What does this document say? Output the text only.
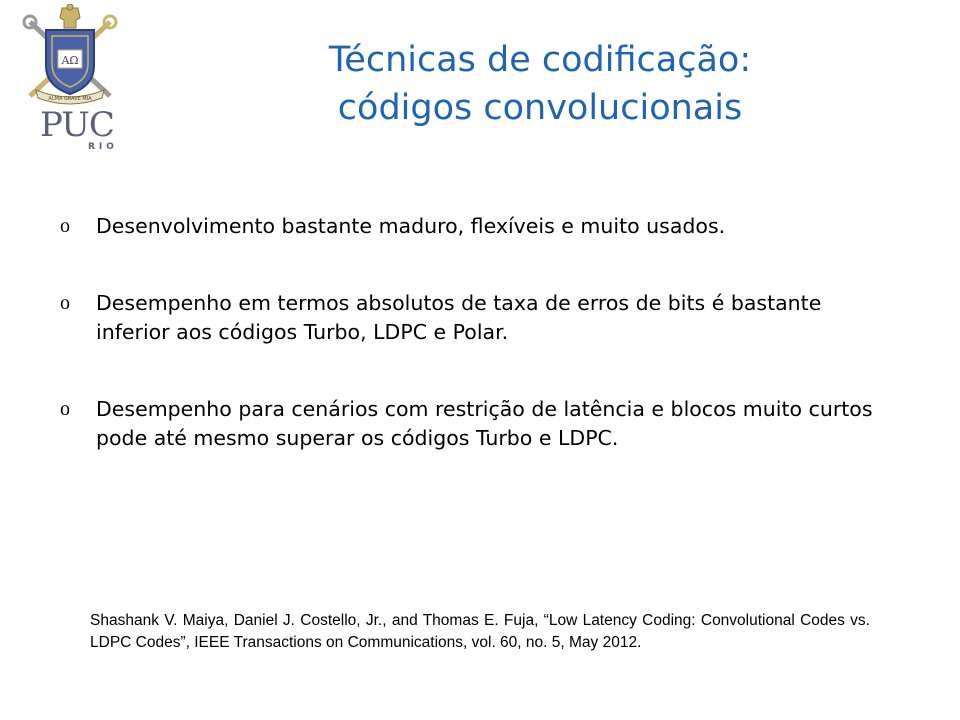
ΑΩ
ALMA GRAVE MIA
PUC
RIO
Técnicas de codificação:
códigos convolucionais
o Desenvolvimento bastante maduro, flexíveis e muito usados.
o Desempenho em termos absolutos de taxa de erros de bits é bastante inferior aos códigos Turbo, LDPC e Polar.
o Desempenho para cenários com restrição de latência e blocos muito curtos pode até mesmo superar os códigos Turbo e LDPC.
Shashank V. Maiya, Daniel J. Costello, Jr., and Thomas E. Fuja, “Low Latency Coding: Convolutional Codes vs. LDPC Codes”, IEEE Transactions on Communications, vol. 60, no. 5, May 2012.
